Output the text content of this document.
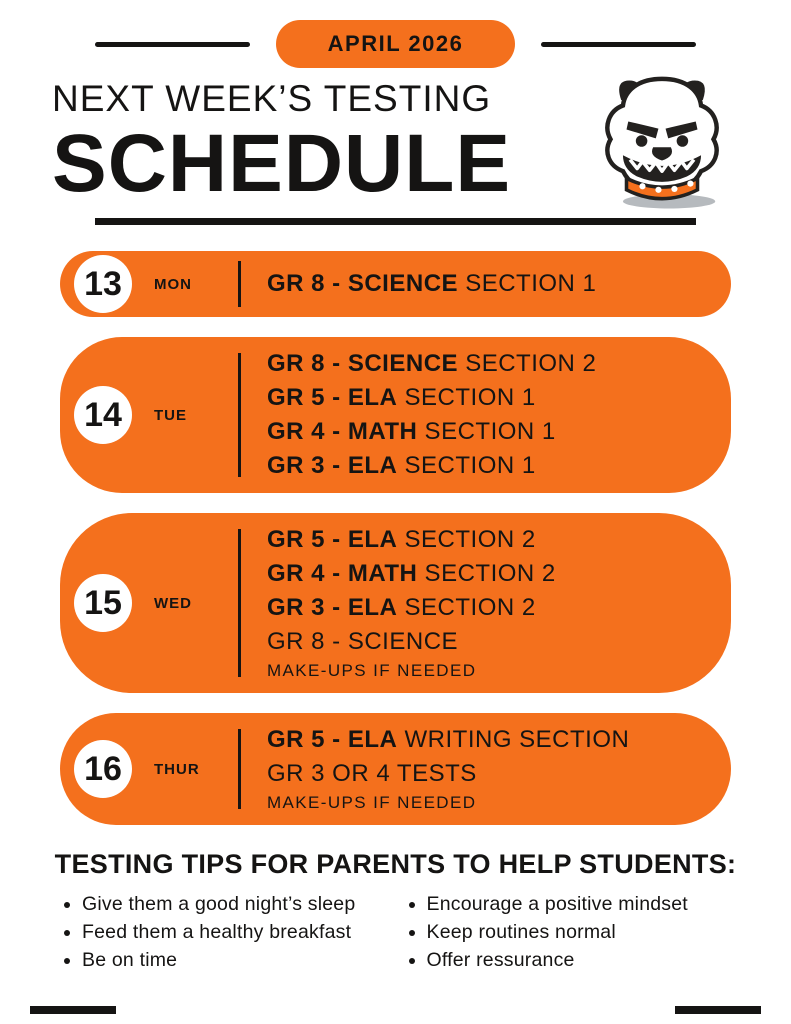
APRIL 2026
NEXT WEEK’S TESTING
SCHEDULE
13 MON	GR 8 - SCIENCE SECTION 1
14 TUE
GR 8 - SCIENCE SECTION 2
GR 5 - ELA SECTION 1
GR 4 - MATH SECTION 1
GR 3 - ELA SECTION 1
15 WED
GR 5 - ELA SECTION 2
GR 4 - MATH SECTION 2
GR 3 - ELA SECTION 2
GR 8 - SCIENCE
MAKE-UPS IF NEEDED
16 THUR
GR 5 - ELA WRITING SECTION
GR 3 OR 4 TESTS
MAKE-UPS IF NEEDED
TESTING TIPS FOR PARENTS TO HELP STUDENTS:
• Give them a good night’s sleep
• Feed them a healthy breakfast
• Be on time
• Encourage a positive mindset
• Keep routines normal
• Offer ressurance
